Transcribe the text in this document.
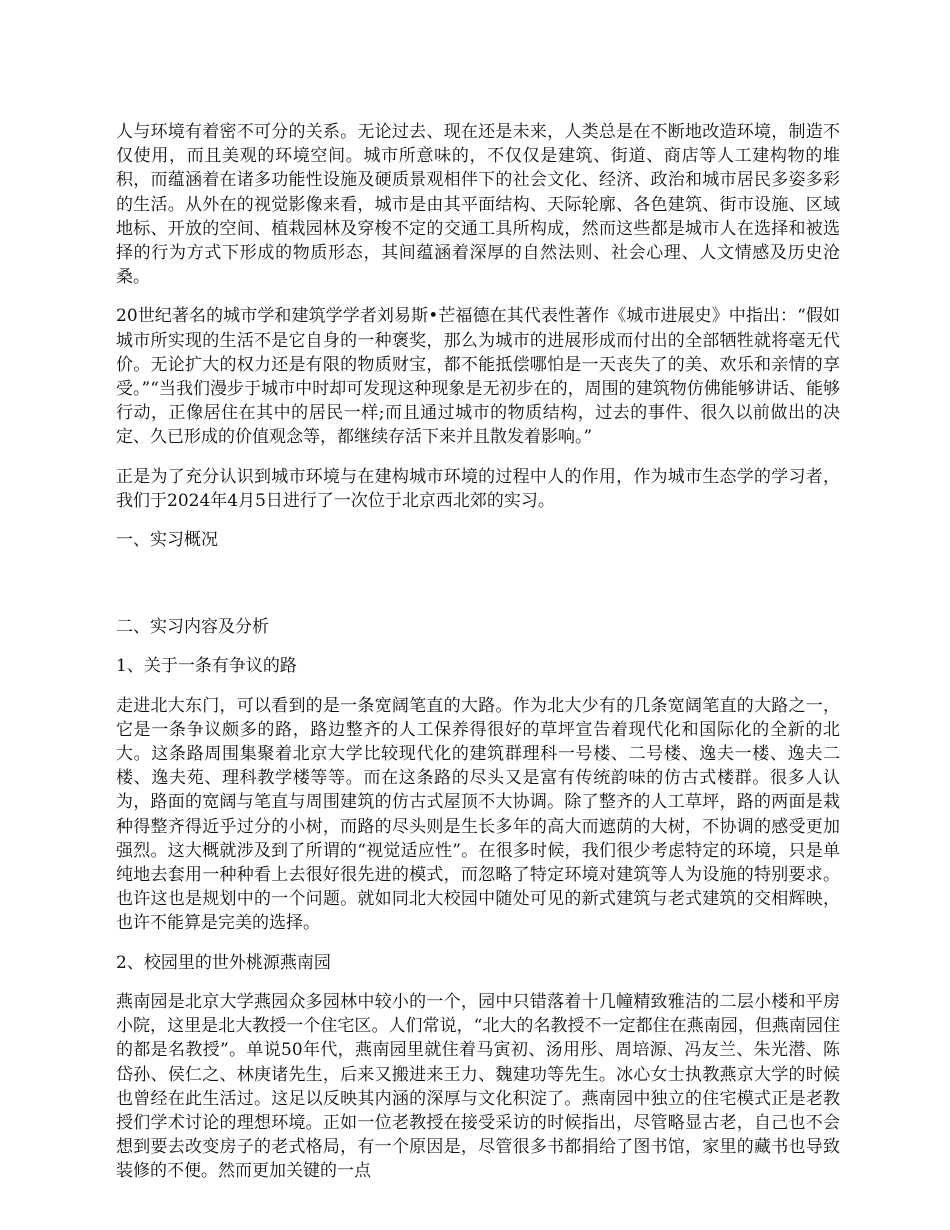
人与环境有着密不可分的关系。无论过去、现在还是未来，人类总是在不断地改造环境，制造不仅使用，而且美观的环境空间。城市所意味的，不仅仅是建筑、街道、商店等人工建构物的堆积，而蕴涵着在诸多功能性设施及硬质景观相伴下的社会文化、经济、政治和城市居民多姿多彩的生活。从外在的视觉影像来看，城市是由其平面结构、天际轮廓、各色建筑、街市设施、区域地标、开放的空间、植栽园林及穿梭不定的交通工具所构成，然而这些都是城市人在选择和被选择的行为方式下形成的物质形态，其间蕴涵着深厚的自然法则、社会心理、人文情感及历史沧桑。

20世纪著名的城市学和建筑学学者刘易斯•芒福德在其代表性著作《城市进展史》中指出：“假如城市所实现的生活不是它自身的一种褒奖，那么为城市的进展形成而付出的全部牺牲就将毫无代价。无论扩大的权力还是有限的物质财宝，都不能抵偿哪怕是一天丧失了的美、欢乐和亲情的享受。”“当我们漫步于城市中时却可发现这种现象是无初步在的，周围的建筑物仿佛能够讲话、能够行动，正像居住在其中的居民一样;而且通过城市的物质结构，过去的事件、很久以前做出的决定、久已形成的价值观念等，都继续存活下来并且散发着影响。”

正是为了充分认识到城市环境与在建构城市环境的过程中人的作用，作为城市生态学的学习者，我们于2024年4月5日进行了一次位于北京西北郊的实习。

一、实习概况

二、实习内容及分析

1、关于一条有争议的路

走进北大东门，可以看到的是一条宽阔笔直的大路。作为北大少有的几条宽阔笔直的大路之一，它是一条争议颇多的路，路边整齐的人工保养得很好的草坪宣告着现代化和国际化的全新的北大。这条路周围集聚着北京大学比较现代化的建筑群理科一号楼、二号楼、逸夫一楼、逸夫二楼、逸夫苑、理科教学楼等等。而在这条路的尽头又是富有传统韵味的仿古式楼群。很多人认为，路面的宽阔与笔直与周围建筑的仿古式屋顶不大协调。除了整齐的人工草坪，路的两面是栽种得整齐得近乎过分的小树，而路的尽头则是生长多年的高大而遮荫的大树，不协调的感受更加强烈。这大概就涉及到了所谓的“视觉适应性”。在很多时候，我们很少考虑特定的环境，只是单纯地去套用一种种看上去很好很先进的模式，而忽略了特定环境对建筑等人为设施的特别要求。也许这也是规划中的一个问题。就如同北大校园中随处可见的新式建筑与老式建筑的交相辉映，也许不能算是完美的选择。

2、校园里的世外桃源燕南园

燕南园是北京大学燕园众多园林中较小的一个，园中只错落着十几幢精致雅洁的二层小楼和平房小院，这里是北大教授一个住宅区。人们常说，“北大的名教授不一定都住在燕南园，但燕南园住的都是名教授”。单说50年代，燕南园里就住着马寅初、汤用彤、周培源、冯友兰、朱光潜、陈岱孙、侯仁之、林庚诸先生，后来又搬进来王力、魏建功等先生。冰心女士执教燕京大学的时候也曾经在此生活过。这足以反映其内涵的深厚与文化积淀了。燕南园中独立的住宅模式正是老教授们学术讨论的理想环境。正如一位老教授在接受采访的时候指出，尽管略显古老，自己也不会想到要去改变房子的老式格局，有一个原因是，尽管很多书都捐给了图书馆，家里的藏书也导致装修的不便。然而更加关键的一点
